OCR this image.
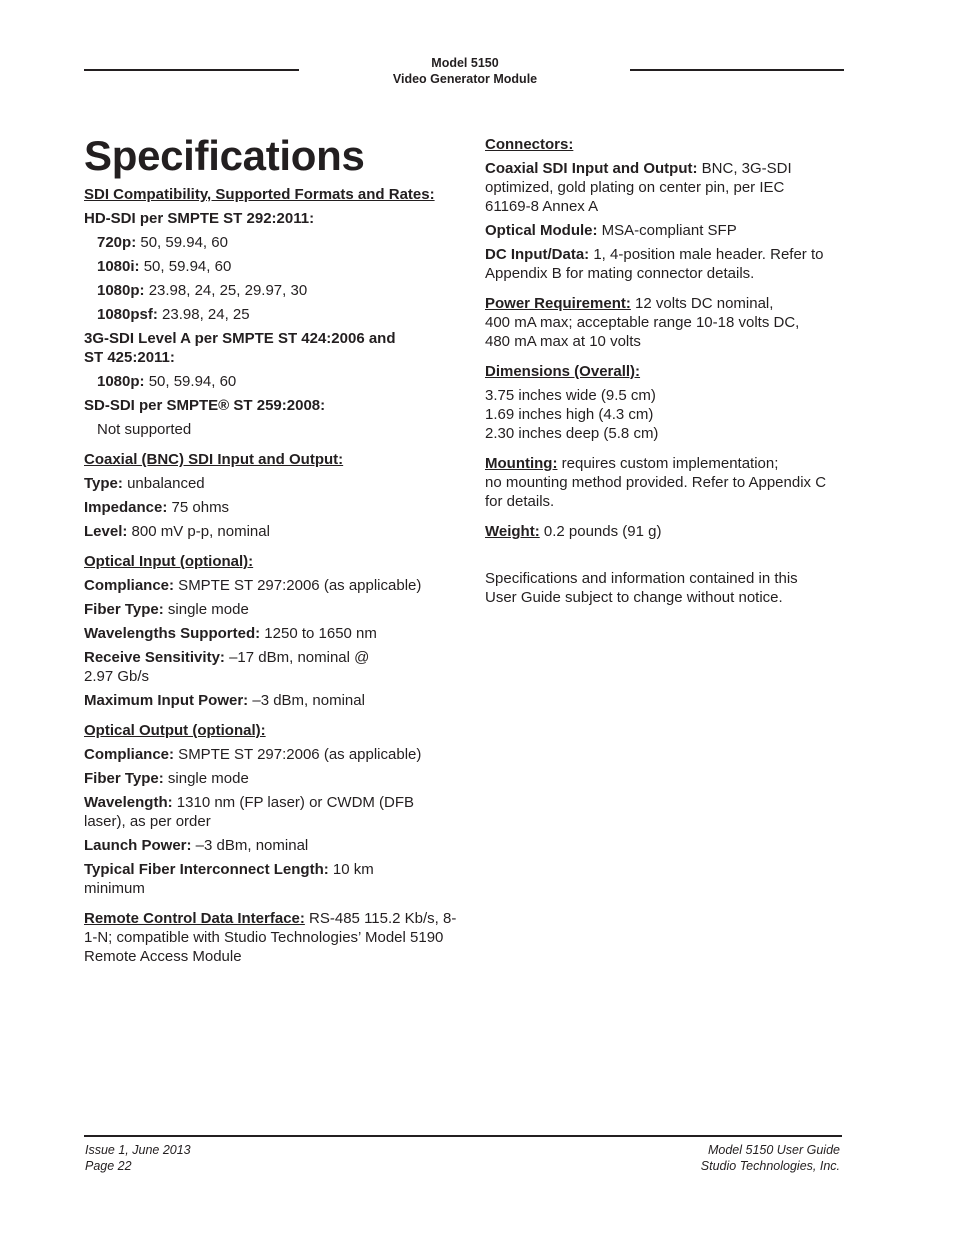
Model 5150
Video Generator Module
Specifications
SDI Compatibility, Supported Formats and Rates:
HD-SDI per SMPTE ST 292:2011:
720p: 50, 59.94, 60
1080i: 50, 59.94, 60
1080p: 23.98, 24, 25, 29.97, 30
1080psf: 23.98, 24, 25
3G-SDI Level A per SMPTE ST 424:2006 and
ST 425:2011:
1080p: 50, 59.94, 60
SD-SDI per SMPTE® ST 259:2008:
Not supported
Coaxial (BNC) SDI Input and Output:
Type: unbalanced
Impedance: 75 ohms
Level: 800 mV p-p, nominal
Optical Input (optional):
Compliance: SMPTE ST 297:2006 (as applicable)
Fiber Type: single mode
Wavelengths Supported: 1250 to 1650 nm
Receive Sensitivity: –17 dBm, nominal @ 2.97 Gb/s
Maximum Input Power: –3 dBm, nominal
Optical Output (optional):
Compliance: SMPTE ST 297:2006 (as applicable)
Fiber Type: single mode
Wavelength: 1310 nm (FP laser) or CWDM (DFB laser), as per order
Launch Power: –3 dBm, nominal
Typical Fiber Interconnect Length: 10 km minimum
Remote Control Data Interface: RS-485 115.2 Kb/s, 8-1-N; compatible with Studio Technologies’ Model 5190 Remote Access Module
Connectors:
Coaxial SDI Input and Output: BNC, 3G-SDI optimized, gold plating on center pin, per IEC 61169-8 Annex A
Optical Module: MSA-compliant SFP
DC Input/Data: 1, 4-position male header. Refer to Appendix B for mating connector details.
Power Requirement: 12 volts DC nominal,
400 mA max; acceptable range 10-18 volts DC,
480 mA max at 10 volts
Dimensions (Overall):
3.75 inches wide (9.5 cm)
1.69 inches high (4.3 cm)
2.30 inches deep (5.8 cm)
Mounting: requires custom implementation;
no mounting method provided. Refer to Appendix C for details.
Weight: 0.2 pounds (91 g)
Specifications and information contained in this User Guide subject to change without notice.
Issue 1, June 2013
Page 22
Model 5150 User Guide
Studio Technologies, Inc.
